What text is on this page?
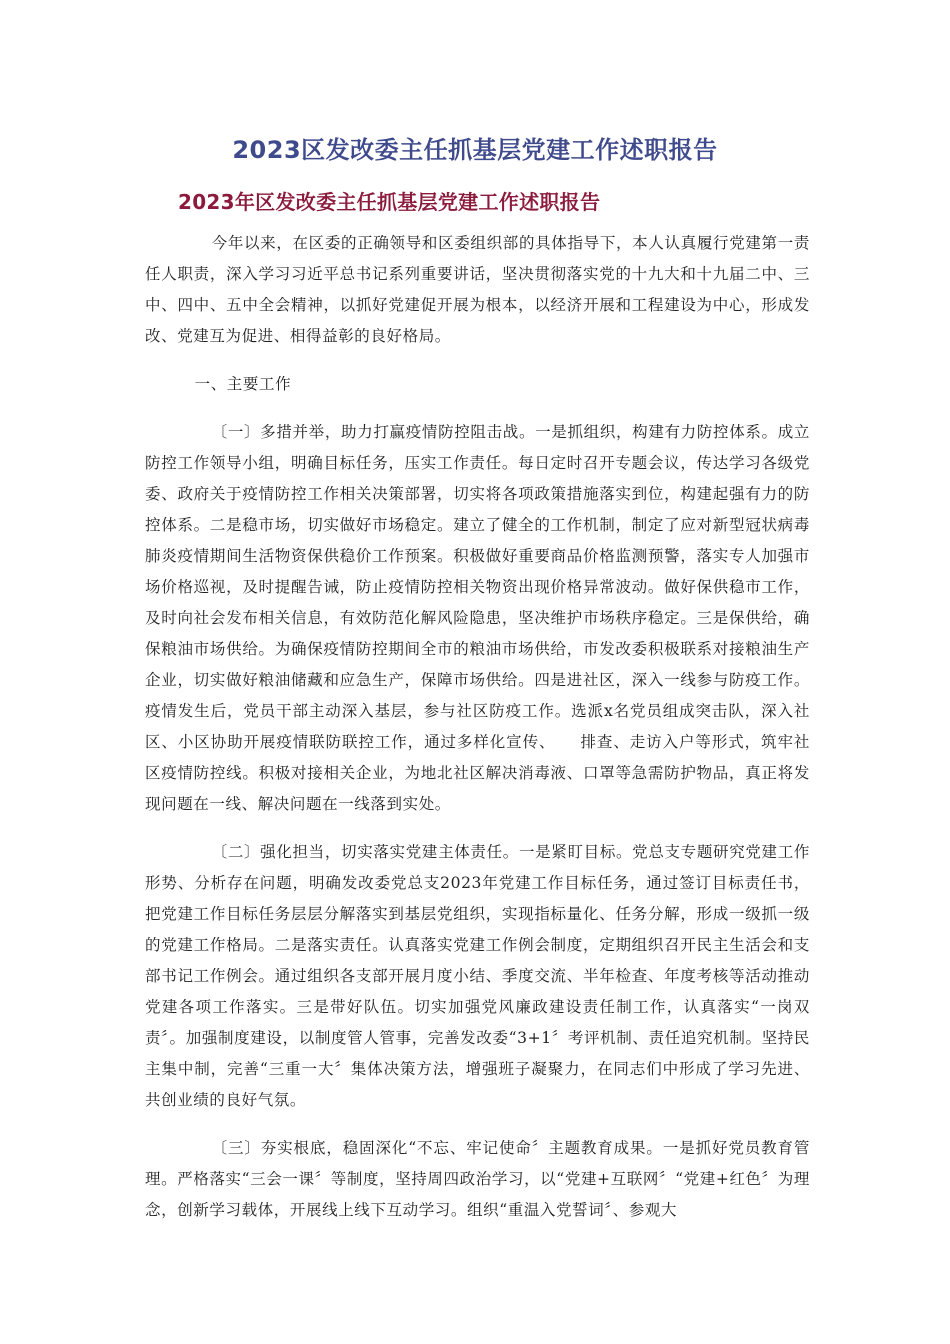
2023区发改委主任抓基层党建工作述职报告
2023年区发改委主任抓基层党建工作述职报告

今年以来，在区委的正确领导和区委组织部的具体指导下，本人认真履行党建第一责任人职责，深入学习习近平总书记系列重要讲话，坚决贯彻落实党的十九大和十九届二中、三中、四中、五中全会精神，以抓好党建促开展为根本，以经济开展和工程建设为中心，形成发改、党建互为促进、相得益彰的良好格局。

一、主要工作

〔一〕多措并举，助力打赢疫情防控阻击战。一是抓组织，构建有力防控体系。成立防控工作领导小组，明确目标任务，压实工作责任。每日定时召开专题会议，传达学习各级党委、政府关于疫情防控工作相关决策部署，切实将各项政策措施落实到位，构建起强有力的防控体系。二是稳市场，切实做好市场稳定。建立了健全的工作机制，制定了应对新型冠状病毒肺炎疫情期间生活物资保供稳价工作预案。积极做好重要商品价格监测预警，落实专人加强市场价格巡视，及时提醒告诫，防止疫情防控相关物资出现价格异常波动。做好保供稳市工作，及时向社会发布相关信息，有效防范化解风险隐患，坚决维护市场秩序稳定。三是保供给，确保粮油市场供给。为确保疫情防控期间全市的粮油市场供给，市发改委积极联系对接粮油生产企业，切实做好粮油储藏和应急生产，保障市场供给。四是进社区，深入一线参与防疫工作。疫情发生后，党员干部主动深入基层，参与社区防疫工作。选派x名党员组成突击队，深入社区、小区协助开展疫情联防联控工作，通过多样化宣传、　　排查、走访入户等形式，筑牢社区疫情防控线。积极对接相关企业，为地北社区解决消毒液、口罩等急需防护物品，真正将发现问题在一线、解决问题在一线落到实处。

〔二〕强化担当，切实落实党建主体责任。一是紧盯目标。党总支专题研究党建工作形势、分析存在问题，明确发改委党总支2023年党建工作目标任务，通过签订目标责任书，把党建工作目标任务层层分解落实到基层党组织，实现指标量化、任务分解，形成一级抓一级的党建工作格局。二是落实责任。认真落实党建工作例会制度，定期组织召开民主生活会和支部书记工作例会。通过组织各支部开展月度小结、季度交流、半年检查、年度考核等活动推动党建各项工作落实。三是带好队伍。切实加强党风廉政建设责任制工作，认真落实“一岗双责〞。加强制度建设，以制度管人管事，完善发改委“3+1〞考评机制、责任追究机制。坚持民主集中制，完善“三重一大〞集体决策方法，增强班子凝聚力，在同志们中形成了学习先进、共创业绩的良好气氛。

〔三〕夯实根底，稳固深化“不忘、牢记使命〞主题教育成果。一是抓好党员教育管理。严格落实“三会一课〞等制度，坚持周四政治学习，以“党建+互联网〞“党建+红色〞为理念，创新学习载体，开展线上线下互动学习。组织“重温入党誓词〞、参观大
